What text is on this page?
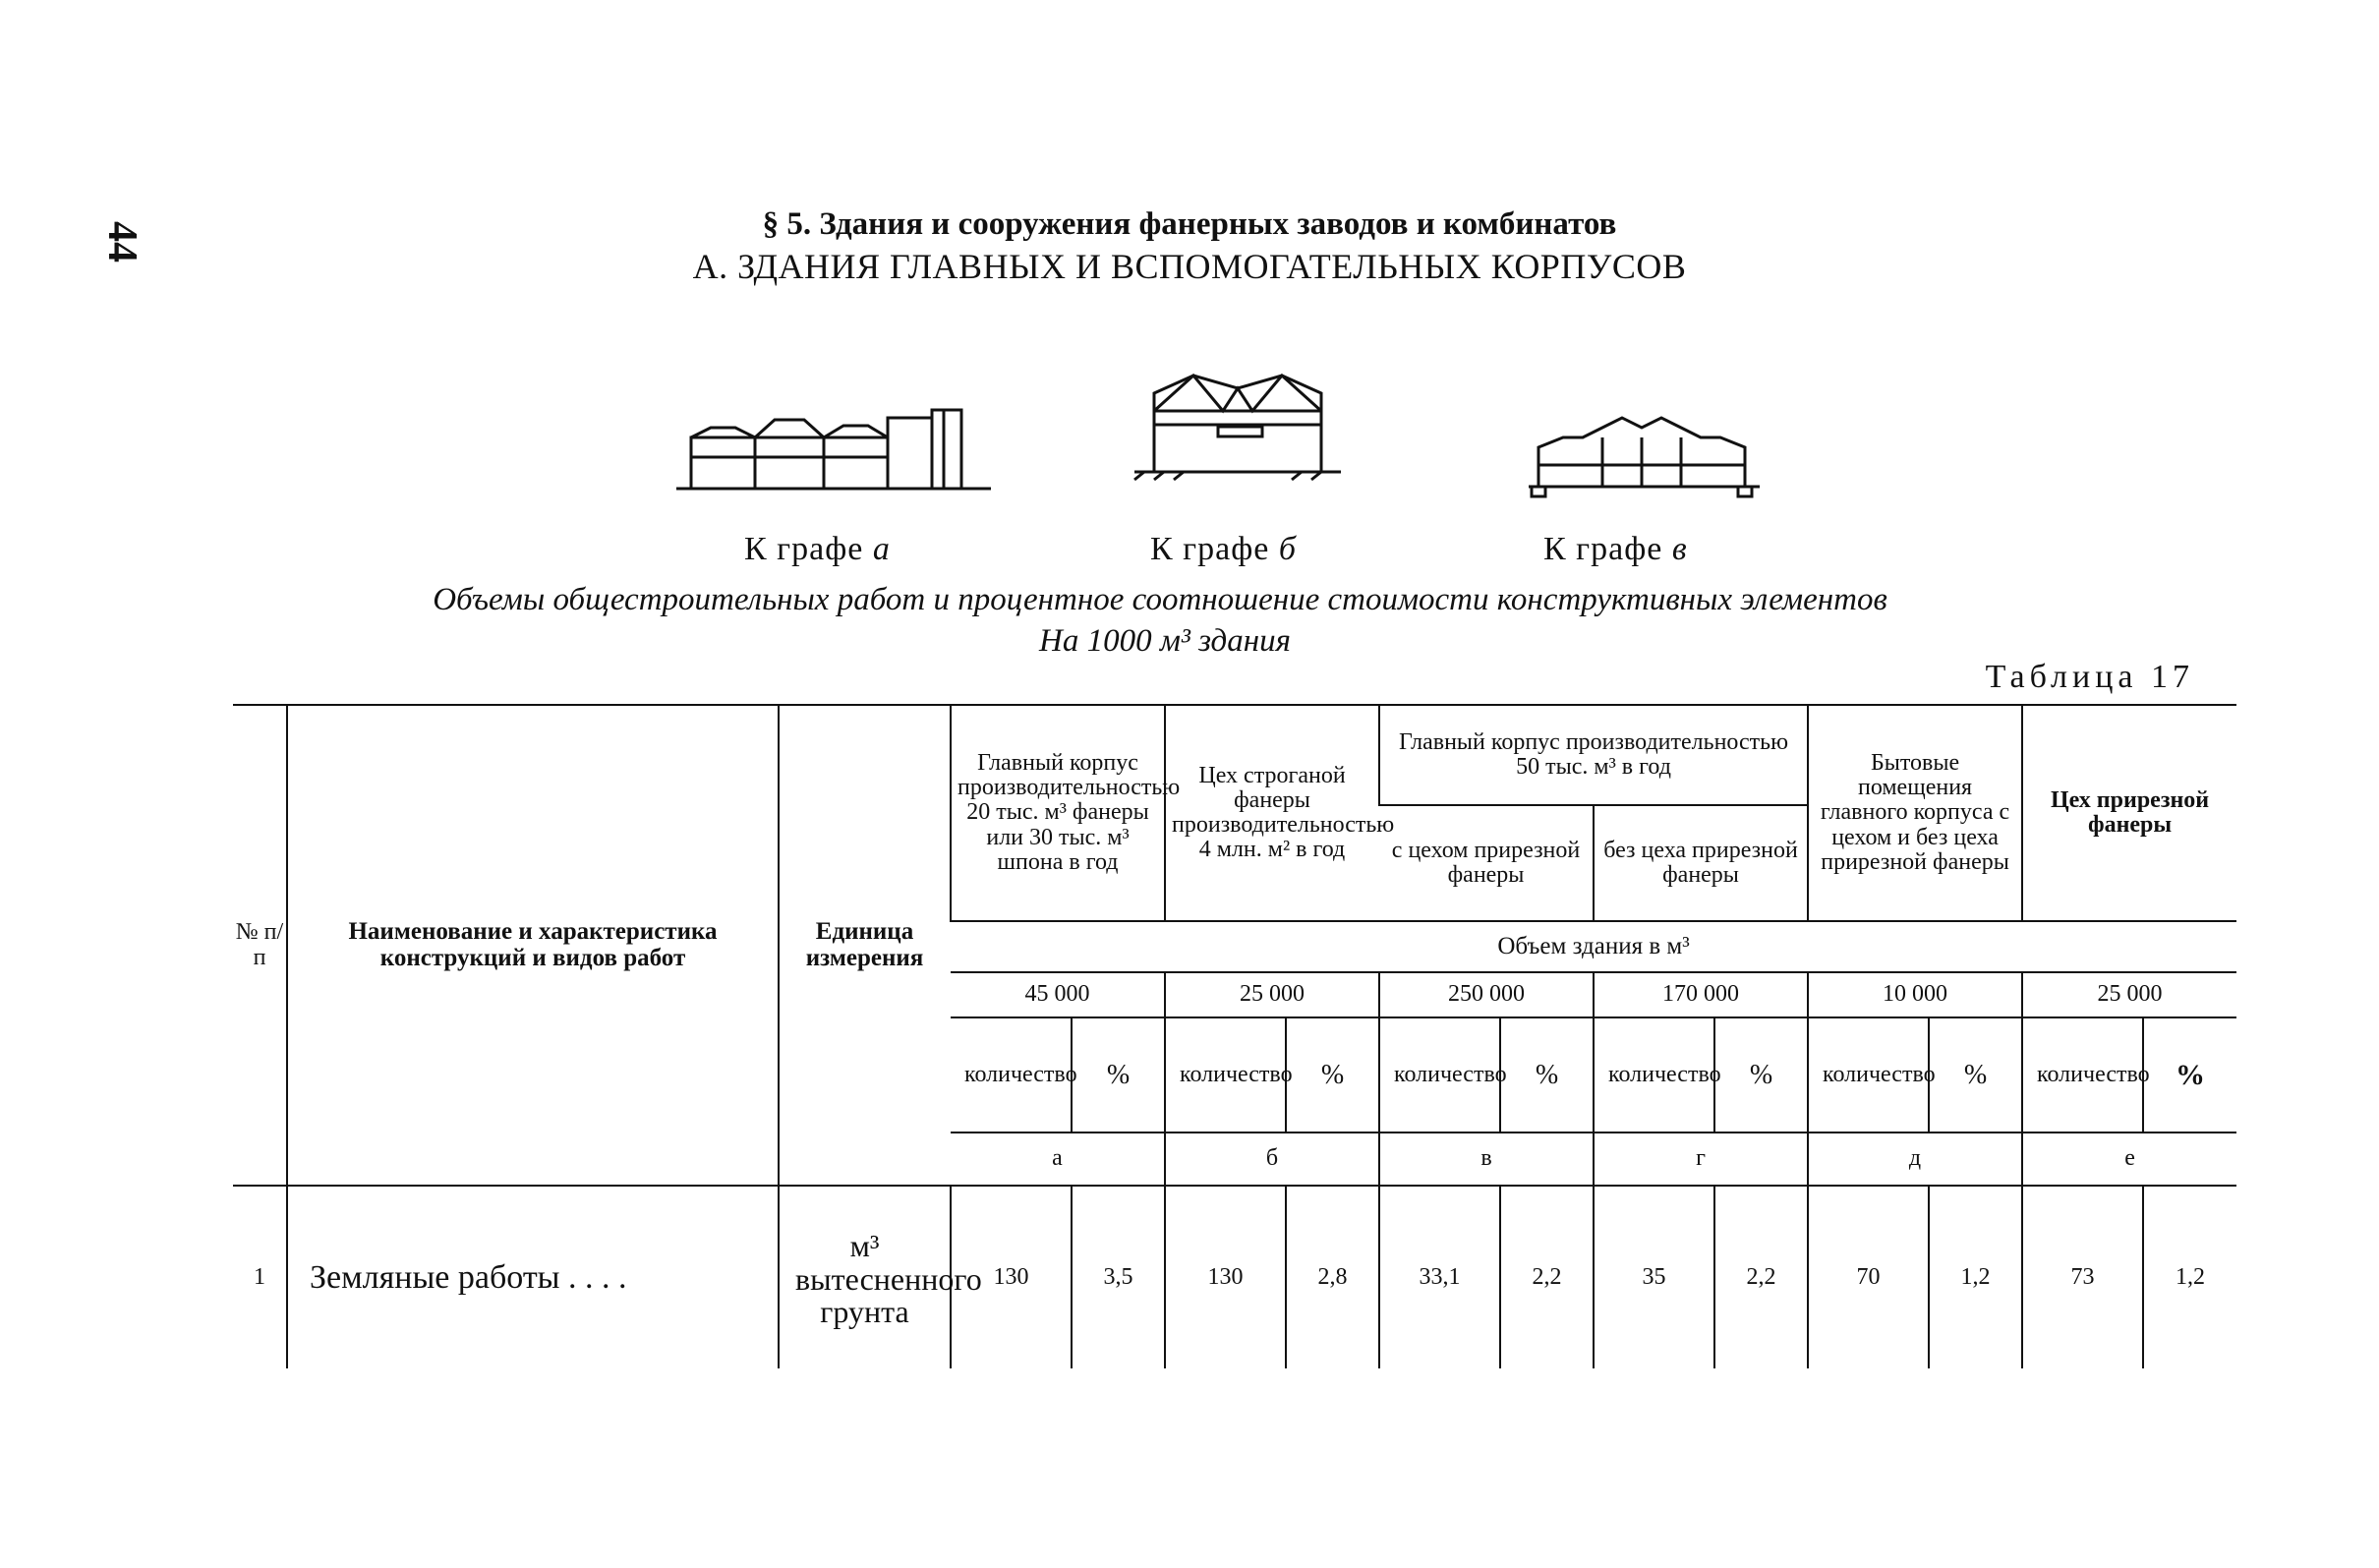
44	§ 5. Здания и сооружения фанерных заводов и комбинатов
А. ЗДАНИЯ ГЛАВНЫХ И ВСПОМОГАТЕЛЬНЫХ КОРПУСОВ
К графе а	К графе б	К графе в
Объемы общестроительных работ и процентное соотношение стоимости конструктивных элементов
На 1000 м³ здания
Таблица 17
№ п/п	Наименование и характеристика конструкций и видов работ	Единица измерения	Главный корпус производительностью 20 тыс. м³ фанеры или 30 тыс. м³ шпона в год		Цех строганой фанеры производительностью 4 млн. м² в год		Главный корпус производительностью 50 тыс. м³ в год				Бытовые помещения главного корпуса с цехом и без цеха прирезной фанеры		Цех прирезной фанеры	
							с цехом прирезной фанеры		без цеха прирезной фанеры					
			Объем здания в м³											
			45 000		25 000		250 000		170 000		10 000		25 000	
			количество	%	количество	%	количество	%	количество	%	количество	%	количество	%
			а		б		в		г		д		е	
1	Земляные работы . . . .	м³ вытесненного грунта	130	3,5	130	2,8	33,1	2,2	35	2,2	70	1,2	73	1,2
